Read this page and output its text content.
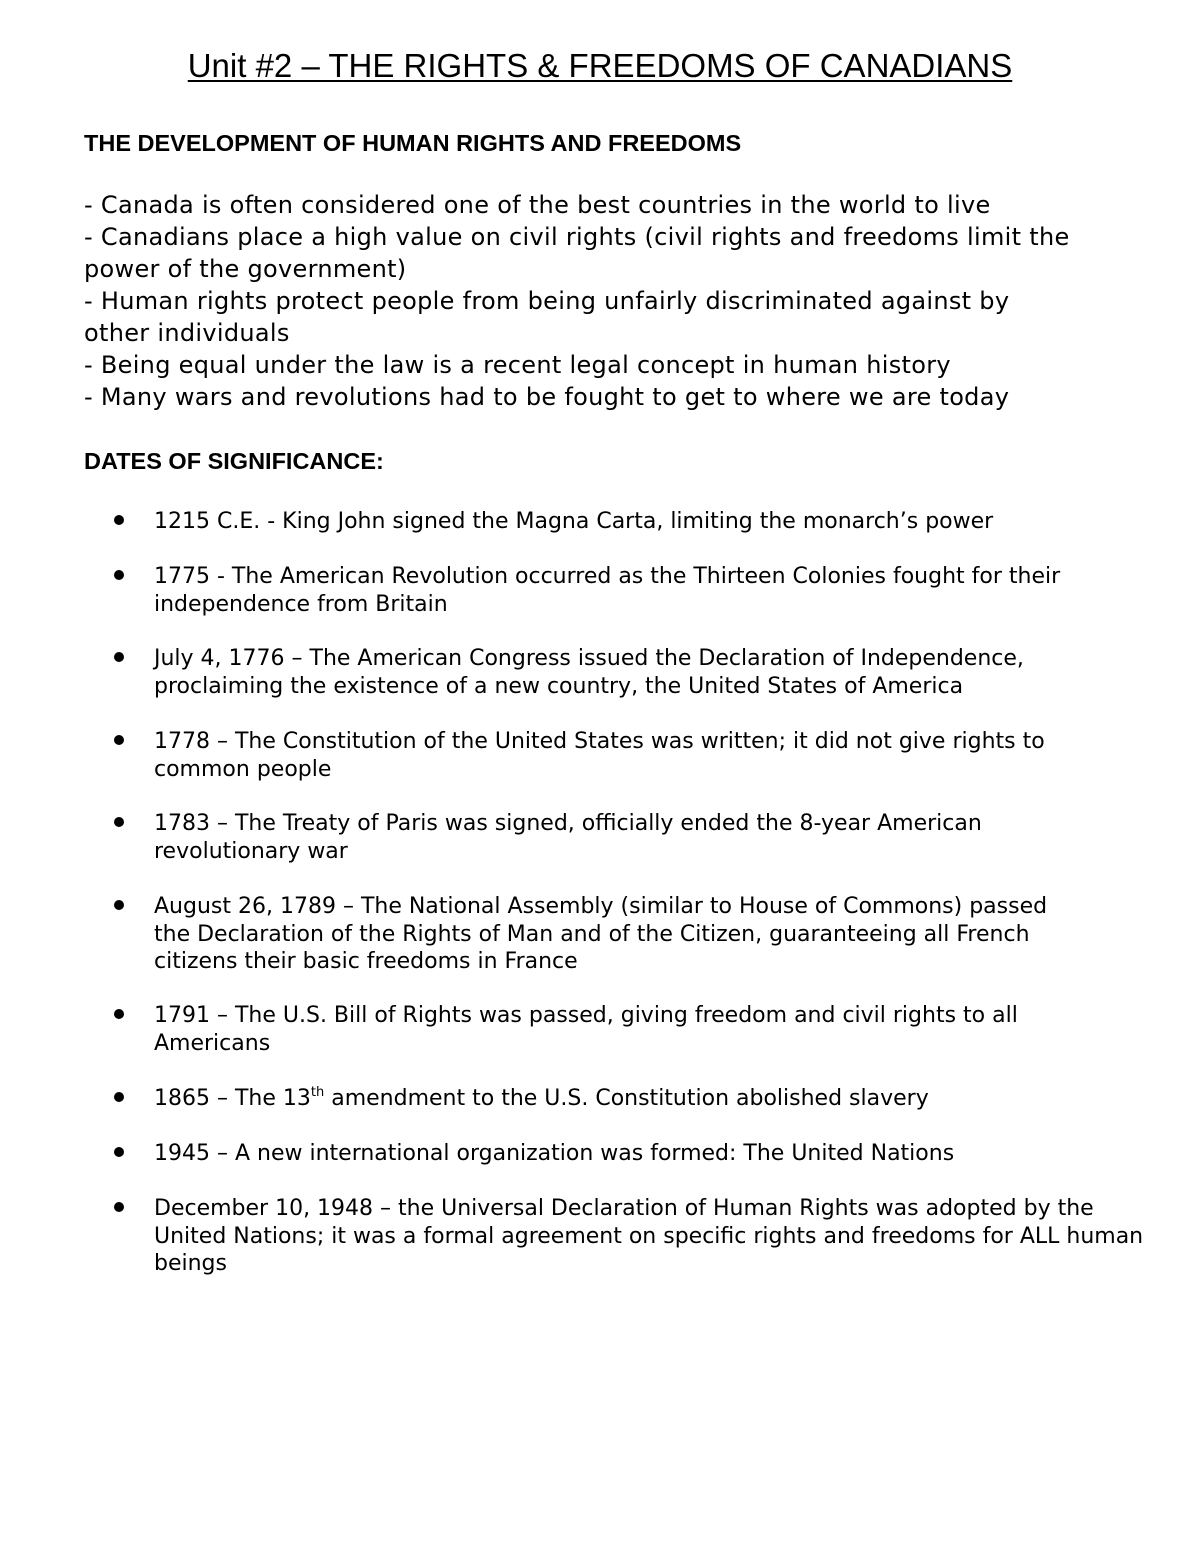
Unit #2 – THE RIGHTS & FREEDOMS OF CANADIANS
THE DEVELOPMENT OF HUMAN RIGHTS AND FREEDOMS
- Canada is often considered one of the best countries in the world to live
- Canadians place a high value on civil rights (civil rights and freedoms limit the
power of the government)
- Human rights protect people from being unfairly discriminated against by
other individuals
- Being equal under the law is a recent legal concept in human history
- Many wars and revolutions had to be fought to get to where we are today
DATES OF SIGNIFICANCE:
1215 C.E. - King John signed the Magna Carta, limiting the monarch’s power
1775 - The American Revolution occurred as the Thirteen Colonies fought for their
independence from Britain
July 4, 1776 – The American Congress issued the Declaration of Independence,
proclaiming the existence of a new country, the United States of America
1778 – The Constitution of the United States was written; it did not give rights to
common people
1783 – The Treaty of Paris was signed, officially ended the 8-year American
revolutionary war
August 26, 1789 – The National Assembly (similar to House of Commons) passed
the Declaration of the Rights of Man and of the Citizen, guaranteeing all French
citizens their basic freedoms in France
1791 – The U.S. Bill of Rights was passed, giving freedom and civil rights to all
Americans
1865 – The 13th amendment to the U.S. Constitution abolished slavery
1945 – A new international organization was formed: The United Nations
December 10, 1948 – the Universal Declaration of Human Rights was adopted by the
United Nations; it was a formal agreement on specific rights and freedoms for ALL human
beings
